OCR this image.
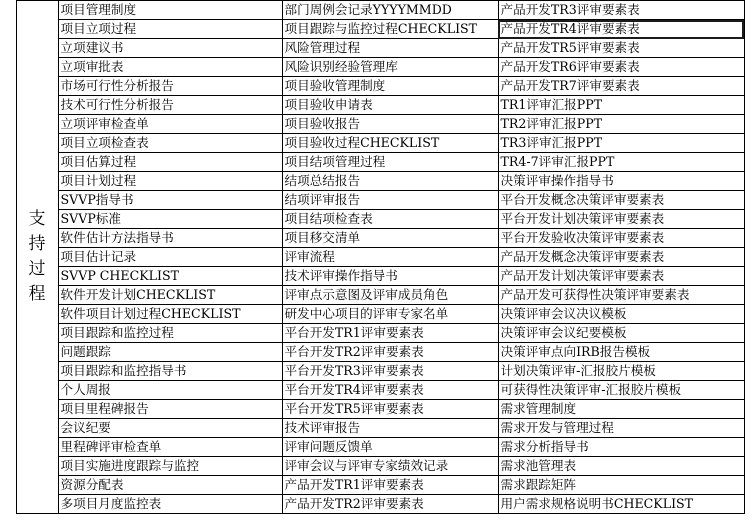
	支
持
过
程	项目管理制度	部门周例会记录YYYYMMDD	产品开发TR3评审要素表
		项目立项过程	项目跟踪与监控过程CHECKLIST	产品开发TR4评审要素表
		立项建议书	风险管理过程	产品开发TR5评审要素表
		立项审批表	风险识别经验管理库	产品开发TR6评审要素表
		市场可行性分析报告	项目验收管理制度	产品开发TR7评审要素表
		技术可行性分析报告	项目验收申请表	TR1评审汇报PPT
		立项评审检查单	项目验收报告	TR2评审汇报PPT
		项目立项检查表	项目验收过程CHECKLIST	TR3评审汇报PPT
		项目估算过程	项目结项管理过程	TR4-7评审汇报PPT
		项目计划过程	结项总结报告	决策评审操作指导书
		SVVP指导书	结项评审报告	平台开发概念决策评审要素表
		SVVP标准	项目结项检查表	平台开发计划决策评审要素表
		软件估计方法指导书	项目移交清单	平台开发验收决策评审要素表
		项目估计记录	评审流程	产品开发概念决策评审要素表
		SVVP CHECKLIST	技术评审操作指导书	产品开发计划决策评审要素表
		软件开发计划CHECKLIST	评审点示意图及评审成员角色	产品开发可获得性决策评审要素表
		软件项目计划过程CHECKLIST	研发中心项目的评审专家名单	决策评审会议决议模板
		项目跟踪和监控过程	平台开发TR1评审要素表	决策评审会议纪要模板
		问题跟踪	平台开发TR2评审要素表	决策评审点向IRB报告模板
		项目跟踪和监控指导书	平台开发TR3评审要素表	计划决策评审-汇报胶片模板
		个人周报	平台开发TR4评审要素表	可获得性决策评审-汇报胶片模板
		项目里程碑报告	平台开发TR5评审要素表	需求管理制度
		会议纪要	技术评审报告	需求开发与管理过程
		里程碑评审检查单	评审问题反馈单	需求分析指导书
		项目实施进度跟踪与监控	评审会议与评审专家绩效记录	需求池管理表
		资源分配表	产品开发TR1评审要素表	需求跟踪矩阵
		多项目月度监控表	产品开发TR2评审要素表	用户需求规格说明书CHECKLIST
